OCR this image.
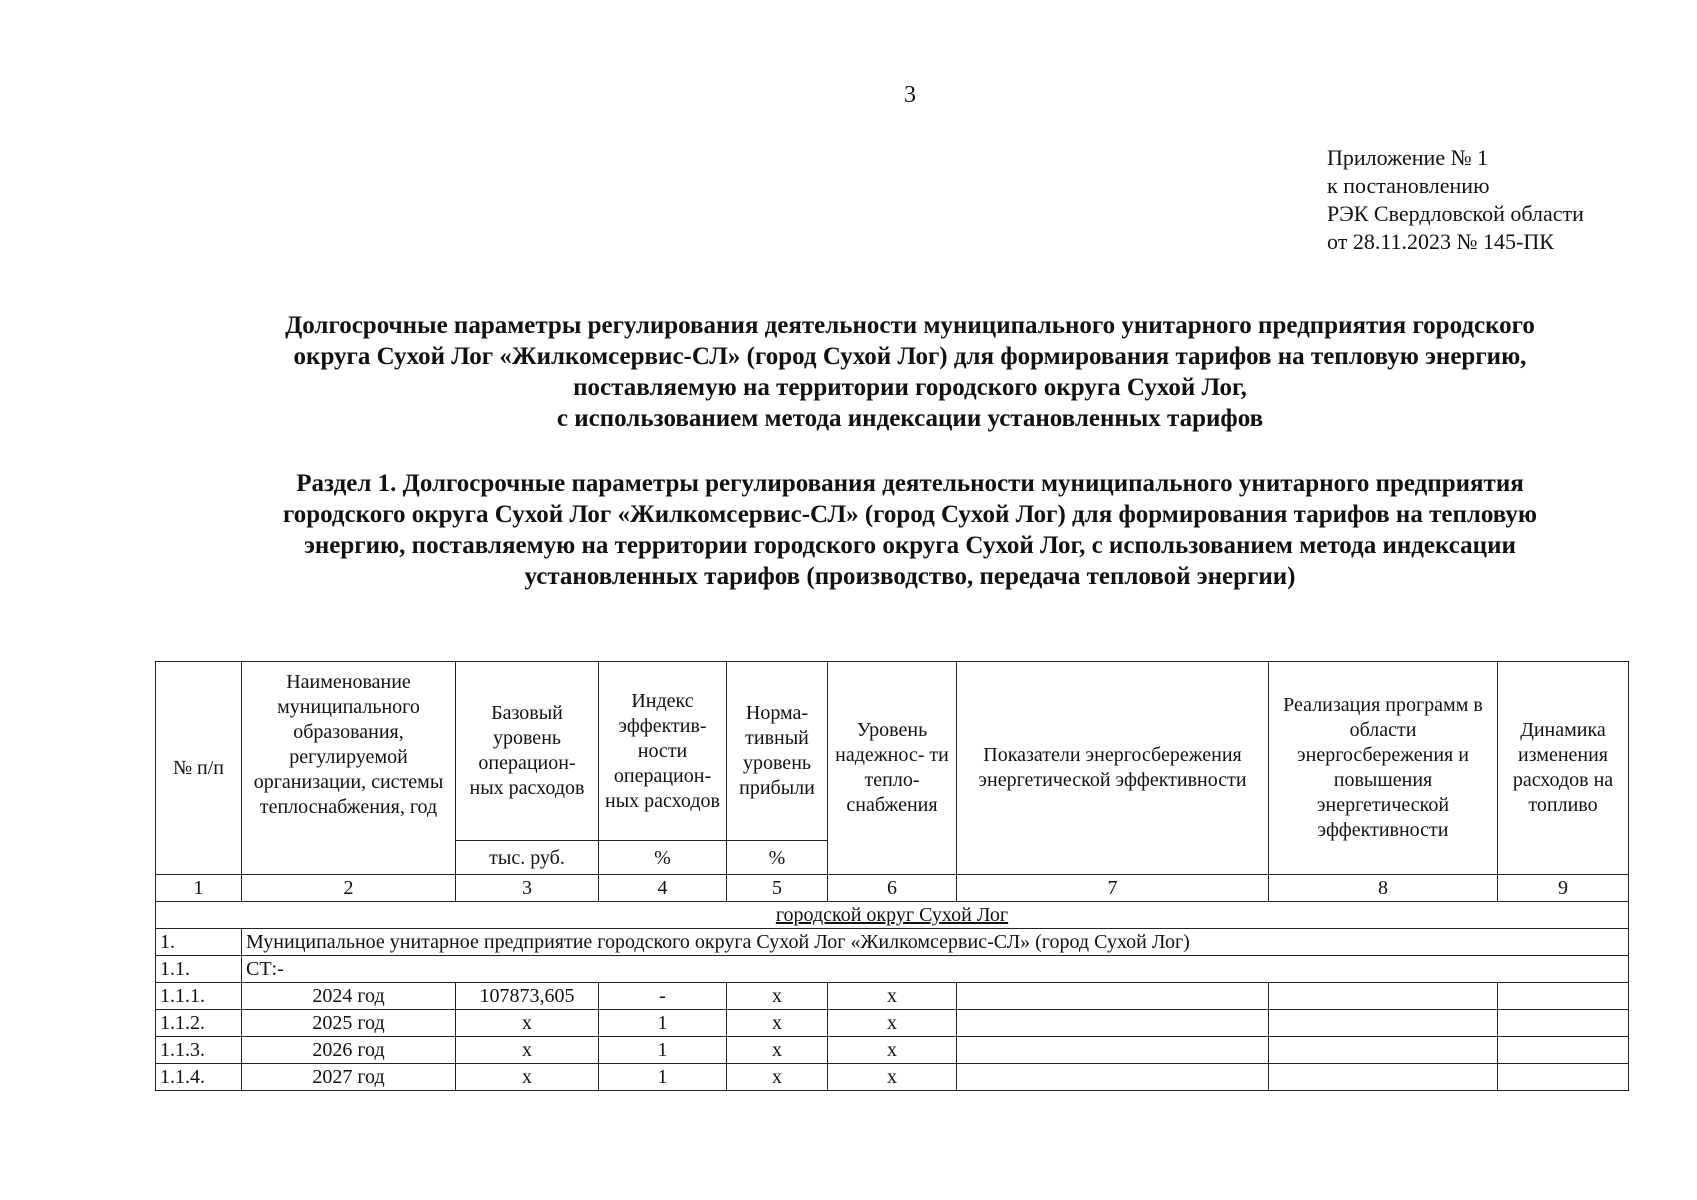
3
Приложение № 1
к постановлению
РЭК Свердловской области
от 28.11.2023 № 145-ПК
Долгосрочные параметры регулирования деятельности муниципального унитарного предприятия городского
округа Сухой Лог «Жилкомсервис-СЛ» (город Сухой Лог) для формирования тарифов на тепловую энергию,
поставляемую на территории городского округа Сухой Лог,
с использованием метода индексации установленных тарифов
Раздел 1. Долгосрочные параметры регулирования деятельности муниципального унитарного предприятия
городского округа Сухой Лог «Жилкомсервис-СЛ» (город Сухой Лог) для формирования тарифов на тепловую
энергию, поставляемую на территории городского округа Сухой Лог, с использованием метода индексации
установленных тарифов (производство, передача тепловой энергии)
№ п/п	Наименование муниципального образования, регулируемой организации, системы теплоснабжения, год	Базовый уровень операцион- ных расходов	Индекс эффектив- ности операцион- ных расходов	Норма- тивный уровень прибыли	Уровень надежнос- ти тепло- снабжения	Показатели энергосбережения энергетической эффективности	Реализация программ в области энергосбережения и повышения энергетической эффективности	Динамика изменения расходов на топливо
		тыс. руб.	%	%				
1	2	3	4	5	6	7	8	9
городской округ Сухой Лог								
1.	Муниципальное унитарное предприятие городского округа Сухой Лог «Жилкомсервис-СЛ» (город Сухой Лог)							
1.1.	СТ:-							
1.1.1.	2024 год	107873,605	-	x	x			
1.1.2.	2025 год	x	1	x	x			
1.1.3.	2026 год	x	1	x	x			
1.1.4.	2027 год	x	1	x	x			
